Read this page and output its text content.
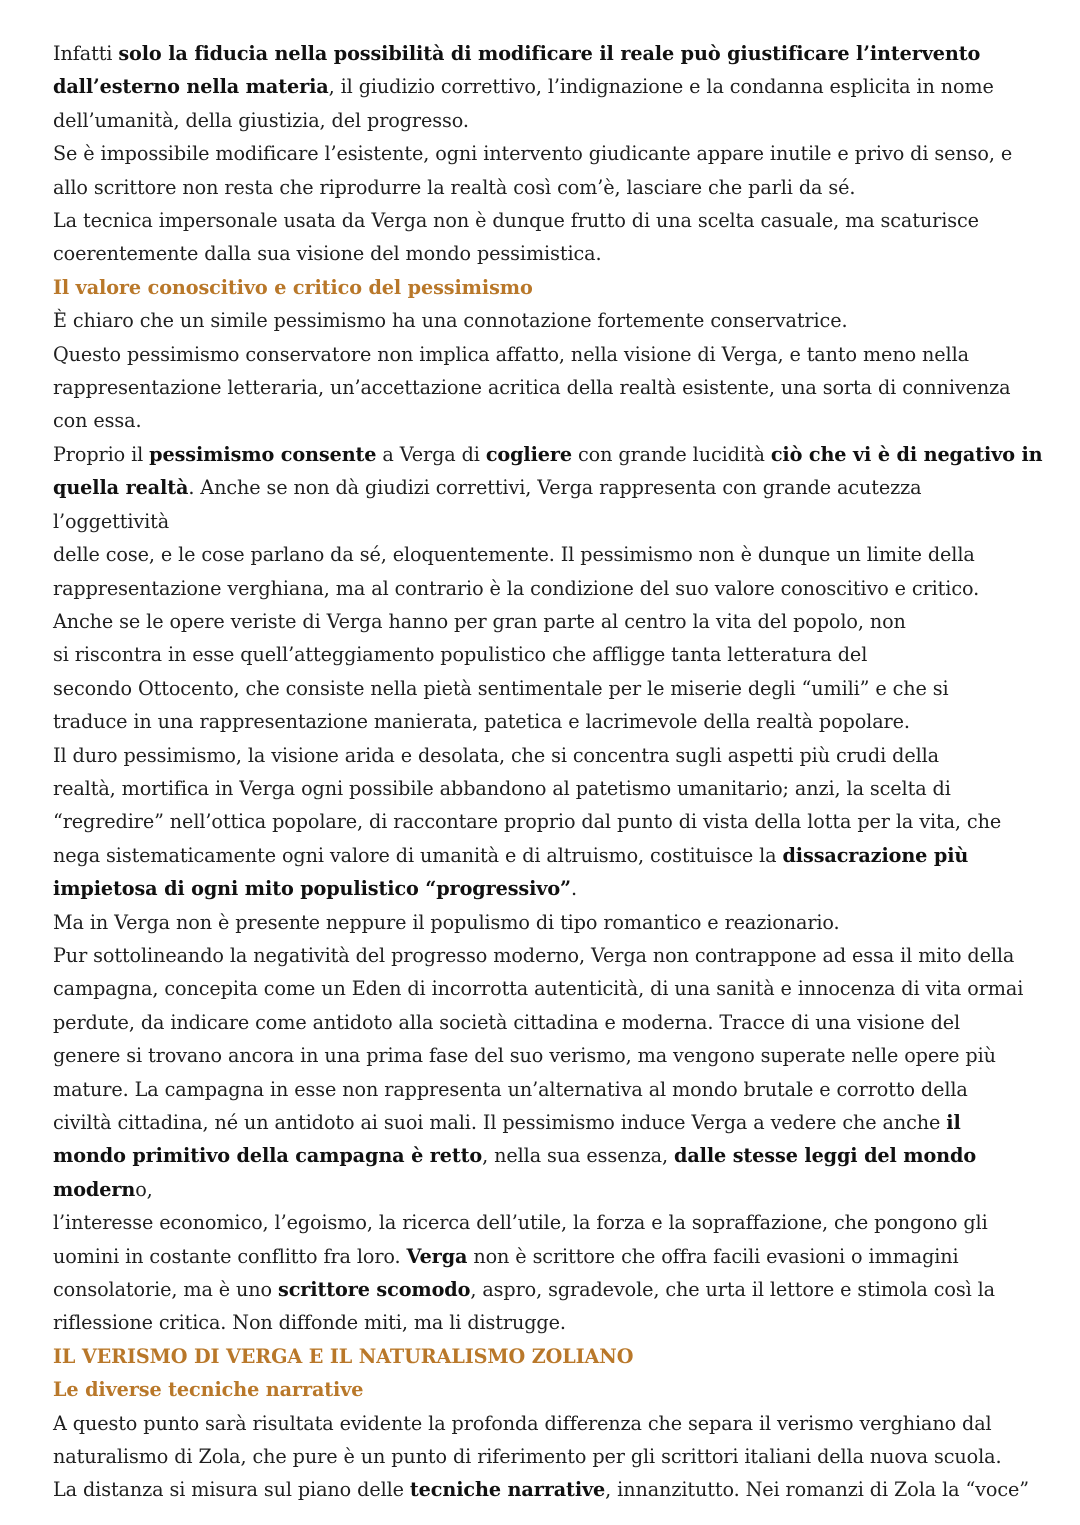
Infatti solo la fiducia nella possibilità di modificare il reale può giustificare l’intervento
dall’esterno nella materia, il giudizio correttivo, l’indignazione e la condanna esplicita in nome
dell’umanità, della giustizia, del progresso.

Se è impossibile modificare l’esistente, ogni intervento giudicante appare inutile e privo di senso, e
allo scrittore non resta che riprodurre la realtà così com’è, lasciare che parli da sé.

La tecnica impersonale usata da Verga non è dunque frutto di una scelta casuale, ma scaturisce
coerentemente dalla sua visione del mondo pessimistica.

Il valore conoscitivo e critico del pessimismo

È chiaro che un simile pessimismo ha una connotazione fortemente conservatrice.

Questo pessimismo conservatore non implica affatto, nella visione di Verga, e tanto meno nella
rappresentazione letteraria, un’accettazione acritica della realtà esistente, una sorta di connivenza
con essa.

Proprio il pessimismo consente a Verga di cogliere con grande lucidità ciò che vi è di negativo in
quella realtà. Anche se non dà giudizi correttivi, Verga rappresenta con grande acutezza l’oggettività
delle cose, e le cose parlano da sé, eloquentemente. Il pessimismo non è dunque un limite della
rappresentazione verghiana, ma al contrario è la condizione del suo valore conoscitivo e critico.

Anche se le opere veriste di Verga hanno per gran parte al centro la vita del popolo, non
si riscontra in esse quell’atteggiamento populistico che affligge tanta letteratura del
secondo Ottocento, che consiste nella pietà sentimentale per le miserie degli “umili” e che si
traduce in una rappresentazione manierata, patetica e lacrimevole della realtà popolare.

Il duro pessimismo, la visione arida e desolata, che si concentra sugli aspetti più crudi della
realtà, mortifica in Verga ogni possibile abbandono al patetismo umanitario; anzi, la scelta di
“regredire” nell’ottica popolare, di raccontare proprio dal punto di vista della lotta per la vita, che
nega sistematicamente ogni valore di umanità e di altruismo, costituisce la dissacrazione più
impietosa di ogni mito populistico “progressivo”.

Ma in Verga non è presente neppure il populismo di tipo romantico e reazionario.

Pur sottolineando la negatività del progresso moderno, Verga non contrappone ad essa il mito della
campagna, concepita come un Eden di incorrotta autenticità, di una sanità e innocenza di vita ormai
perdute, da indicare come antidoto alla società cittadina e moderna. Tracce di una visione del
genere si trovano ancora in una prima fase del suo verismo, ma vengono superate nelle opere più
mature. La campagna in esse non rappresenta un’alternativa al mondo brutale e corrotto della
civiltà cittadina, né un antidoto ai suoi mali. Il pessimismo induce Verga a vedere che anche il
mondo primitivo della campagna è retto, nella sua essenza, dalle stesse leggi del mondo moderno,
l’interesse economico, l’egoismo, la ricerca dell’utile, la forza e la sopraffazione, che pongono gli
uomini in costante conflitto fra loro. Verga non è scrittore che offra facili evasioni o immagini
consolatorie, ma è uno scrittore scomodo, aspro, sgradevole, che urta il lettore e stimola così la
riflessione critica. Non diffonde miti, ma li distrugge.

IL VERISMO DI VERGA E IL NATURALISMO ZOLIANO

Le diverse tecniche narrative

A questo punto sarà risultata evidente la profonda differenza che separa il verismo verghiano dal
naturalismo di Zola, che pure è un punto di riferimento per gli scrittori italiani della nuova scuola.

La distanza si misura sul piano delle tecniche narrative, innanzitutto. Nei romanzi di Zola la “voce”
